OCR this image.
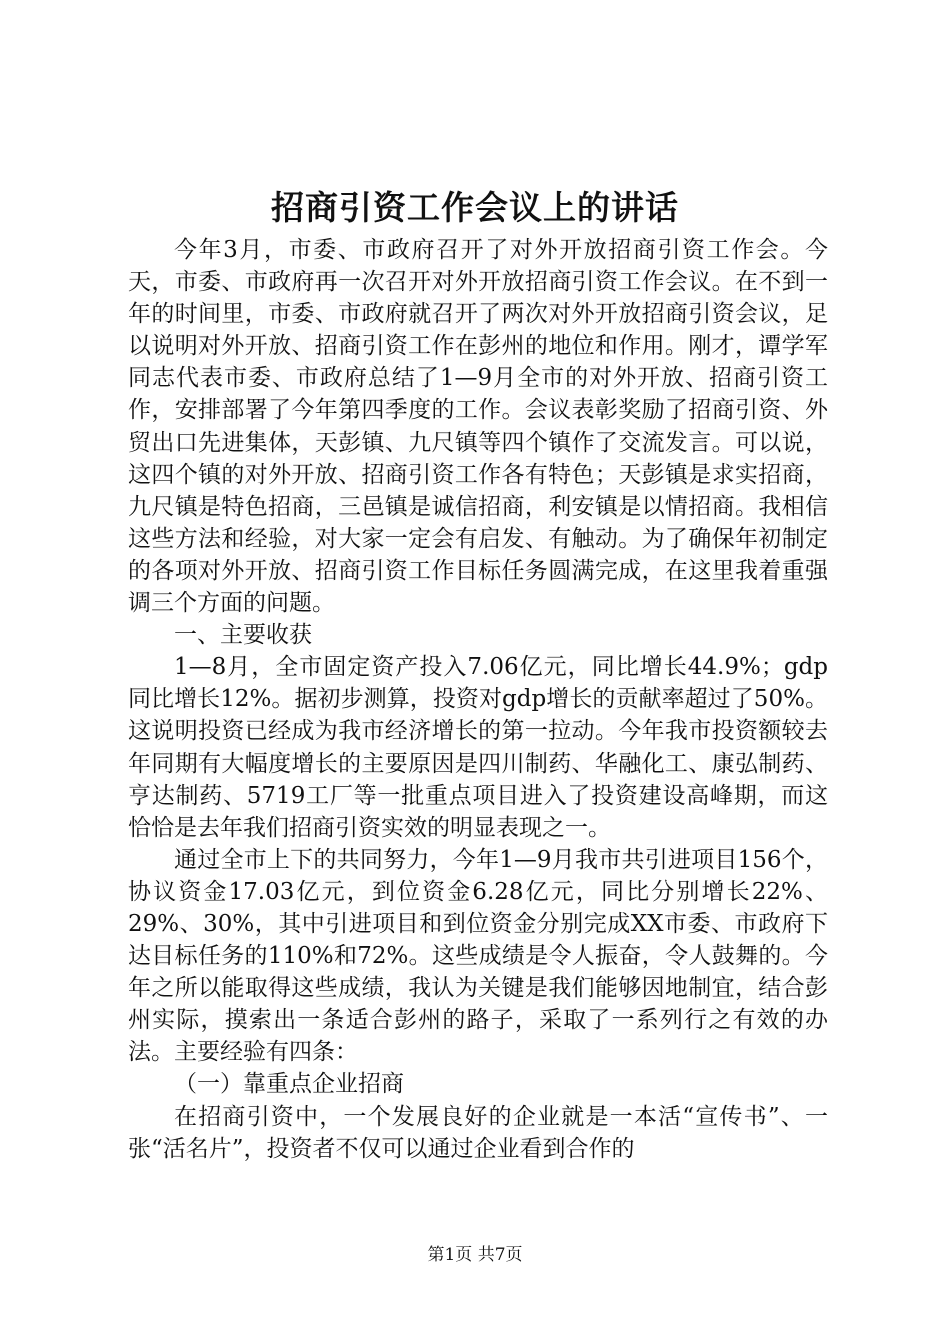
招商引资工作会议上的讲话

今年3月，市委、市政府召开了对外开放招商引资工作会。今天，市委、市政府再一次召开对外开放招商引资工作会议。在不到一年的时间里，市委、市政府就召开了两次对外开放招商引资会议，足以说明对外开放、招商引资工作在彭州的地位和作用。刚才，谭学军同志代表市委、市政府总结了1—9月全市的对外开放、招商引资工作，安排部署了今年第四季度的工作。会议表彰奖励了招商引资、外贸出口先进集体，天彭镇、九尺镇等四个镇作了交流发言。可以说，这四个镇的对外开放、招商引资工作各有特色；天彭镇是求实招商，九尺镇是特色招商，三邑镇是诚信招商，利安镇是以情招商。我相信这些方法和经验，对大家一定会有启发、有触动。为了确保年初制定的各项对外开放、招商引资工作目标任务圆满完成，在这里我着重强调三个方面的问题。

一、主要收获

1—8月，全市固定资产投入7.06亿元，同比增长44.9%；gdp同比增长12%。据初步测算，投资对gdp增长的贡献率超过了50%。这说明投资已经成为我市经济增长的第一拉动。今年我市投资额较去年同期有大幅度增长的主要原因是四川制药、华融化工、康弘制药、亨达制药、5719工厂等一批重点项目进入了投资建设高峰期，而这恰恰是去年我们招商引资实效的明显表现之一。

通过全市上下的共同努力，今年1—9月我市共引进项目156个，协议资金17.03亿元，到位资金6.28亿元，同比分别增长22%、29%、30%，其中引进项目和到位资金分别完成XX市委、市政府下达目标任务的110%和72%。这些成绩是令人振奋，令人鼓舞的。今年之所以能取得这些成绩，我认为关键是我们能够因地制宜，结合彭州实际，摸索出一条适合彭州的路子，采取了一系列行之有效的办法。主要经验有四条：

（一）靠重点企业招商

在招商引资中，一个发展良好的企业就是一本活“宣传书”、一张“活名片”，投资者不仅可以通过企业看到合作的

第1页 共7页
